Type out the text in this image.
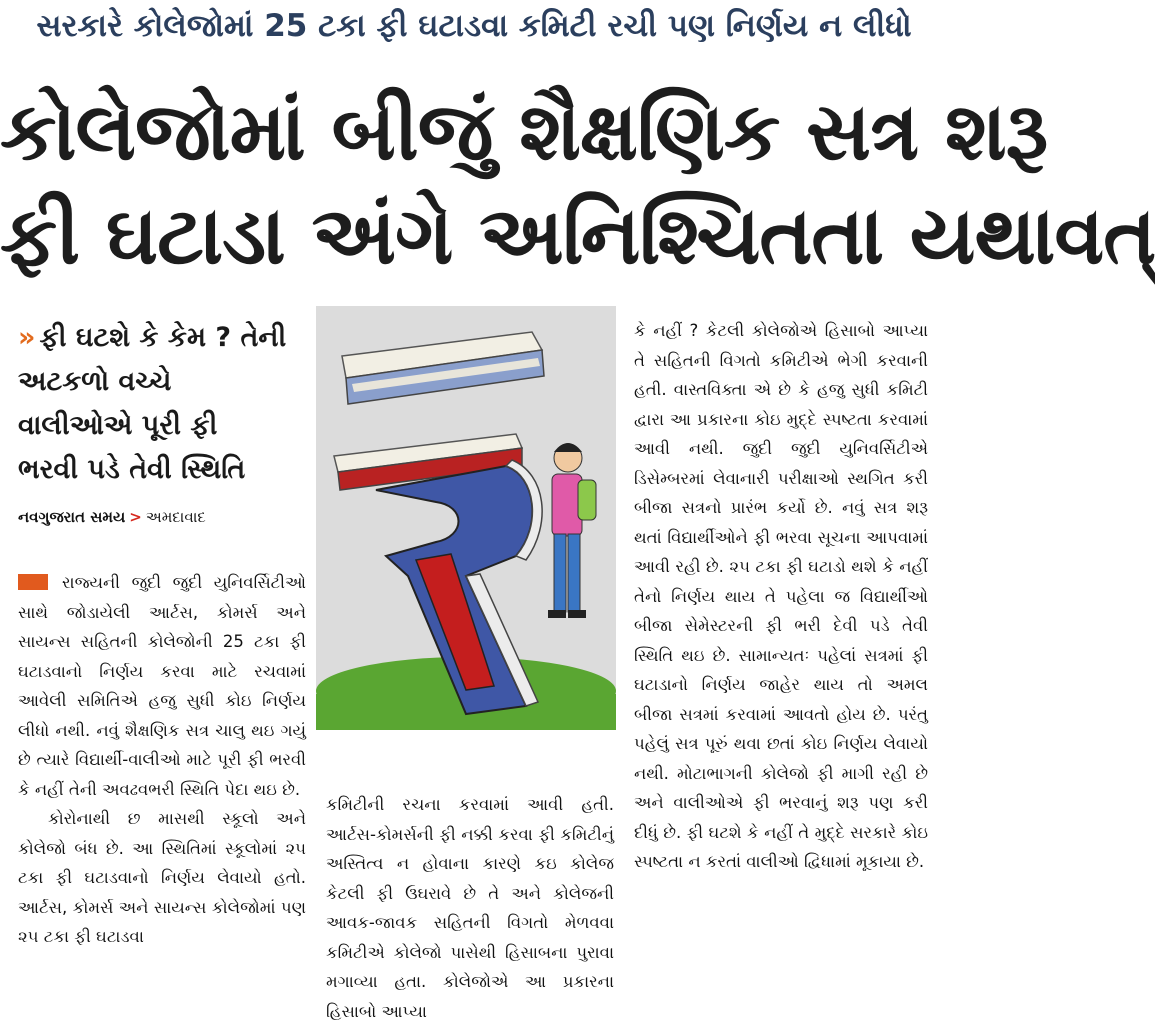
સરકારે કોલેજોમાં 25 ટકા ફી ઘટાડવા કમિટી રચી પણ નિર્ણય ન લીધો
કોલેજોમાં બીજું શૈક્ષણિક સત્ર શરૂ
ફી ઘટાડા અંગે અનિશ્ચિતતા યથાવત્
» ફી ઘટશે કે કેમ ? તેની
અટકળો વચ્ચે
વાલીઓએ પૂરી ફી
ભરવી પડે તેવી સ્થિતિ
નવગુજરાત સમય > અમદાવાદ

રાજ્યની જુદી જુદી યુનિવર્સિટીઓ સાથે જોડાયેલી આર્ટસ, કોમર્સ અને સાયન્સ સહિતની કોલેજોની 25 ટકા ફી ઘટાડવાનો નિર્ણય કરવા માટે રચવામાં આવેલી સમિતિએ હજુ સુધી કોઇ નિર્ણય લીધો નથી. નવું શૈક્ષણિક સત્ર ચાલુ થઇ ગયું છે ત્યારે વિદ્યાર્થી-વાલીઓ માટે પૂરી ફી ભરવી કે નહીં તેની અવઢવભરી સ્થિતિ પેદા થઇ છે.

કોરોનાથી છ માસથી સ્કૂલો અને કોલેજો બંધ છે. આ સ્થિતિમાં સ્કૂલોમાં ૨૫ ટકા ફી ઘટાડવાનો નિર્ણય લેવાયો હતો. આર્ટસ, કોમર્સ અને સાયન્સ કોલેજોમાં પણ ૨૫ ટકા ફી ઘટાડવા

કમિટીની રચના કરવામાં આવી હતી. આર્ટસ-કોમર્સની ફી નક્કી કરવા ફી કમિટીનું અસ્તિત્વ ન હોવાના કારણે કઇ કોલેજ કેટલી ફી ઉઘરાવે છે તે અને કોલેજની આવક-જાવક સહિતની વિગતો મેળવવા કમિટીએ કોલેજો પાસેથી હિસાબના પુરાવા મગાવ્યા હતા. કોલેજોએ આ પ્રકારના હિસાબો આપ્યા

કે નહીં ? કેટલી કોલેજોએ હિસાબો આપ્યા તે સહિતની વિગતો કમિટીએ ભેગી કરવાની હતી. વાસ્તવિક્તા એ છે કે હજુ સુધી કમિટી દ્વારા આ પ્રકારના કોઇ મુદ્દે સ્પષ્ટતા કરવામાં આવી નથી. જુદી જુદી યુનિવર્સિટીએ ડિસેમ્બરમાં લેવાનારી પરીક્ષાઓ સ્થગિત કરી બીજા સત્રનો પ્રારંભ કર્યો છે. નવું સત્ર શરૂ થતાં વિદ્યાર્થીઓને ફી ભરવા સૂચના આપવામાં આવી રહી છે. ૨૫ ટકા ફી ઘટાડો થશે કે નહીં તેનો નિર્ણય થાય તે પહેલા જ વિદ્યાર્થીઓ બીજા સેમેસ્ટરની ફી ભરી દેવી પડે તેવી સ્થિતિ થઇ છે. સામાન્યતઃ પહેલાં સત્રમાં ફી ઘટાડાનો નિર્ણય જાહેર થાય તો અમલ બીજા સત્રમાં કરવામાં આવતો હોય છે. પરંતુ પહેલું સત્ર પૂરું થવા છતાં કોઇ નિર્ણય લેવાયો નથી. મોટાભાગની કોલેજો ફી માગી રહી છે અને વાલીઓએ ફી ભરવાનું શરૂ પણ કરી દીધું છે. ફી ઘટશે કે નહીં તે મુદ્દે સરકારે કોઇ સ્પષ્ટતા ન કરતાં વાલીઓ દ્વિધામાં મૂકાયા છે.
